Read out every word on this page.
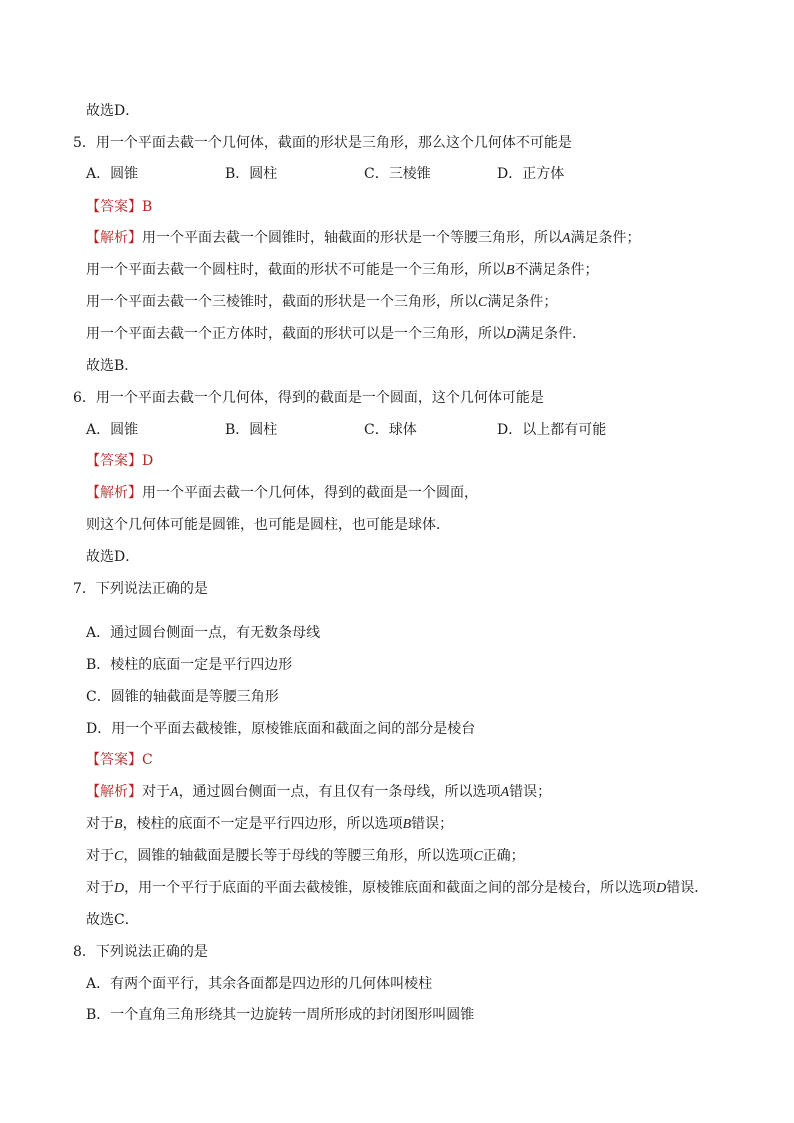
故选D．
5．用一个平面去截一个几何体，截面的形状是三角形，那么这个几何体不可能是
A．圆锥	B．圆柱	C．三棱锥	D．正方体
【答案】B
【解析】用一个平面去截一个圆锥时，轴截面的形状是一个等腰三角形，所以A满足条件；
用一个平面去截一个圆柱时，截面的形状不可能是一个三角形，所以B不满足条件；
用一个平面去截一个三棱锥时，截面的形状是一个三角形，所以C满足条件；
用一个平面去截一个正方体时，截面的形状可以是一个三角形，所以D满足条件．
故选B．
6．用一个平面去截一个几何体，得到的截面是一个圆面，这个几何体可能是
A．圆锥	B．圆柱	C．球体	D．以上都有可能
【答案】D
【解析】用一个平面去截一个几何体，得到的截面是一个圆面，
则这个几何体可能是圆锥，也可能是圆柱，也可能是球体．
故选D．
7．下列说法正确的是
A．通过圆台侧面一点，有无数条母线
B．棱柱的底面一定是平行四边形
C．圆锥的轴截面是等腰三角形
D．用一个平面去截棱锥，原棱锥底面和截面之间的部分是棱台
【答案】C
【解析】对于A，通过圆台侧面一点，有且仅有一条母线，所以选项A错误；
对于B，棱柱的底面不一定是平行四边形，所以选项B错误；
对于C，圆锥的轴截面是腰长等于母线的等腰三角形，所以选项C正确；
对于D，用一个平行于底面的平面去截棱锥，原棱锥底面和截面之间的部分是棱台，所以选项D错误．
故选C．
8．下列说法正确的是
A．有两个面平行，其余各面都是四边形的几何体叫棱柱
B．一个直角三角形绕其一边旋转一周所形成的封闭图形叫圆锥
